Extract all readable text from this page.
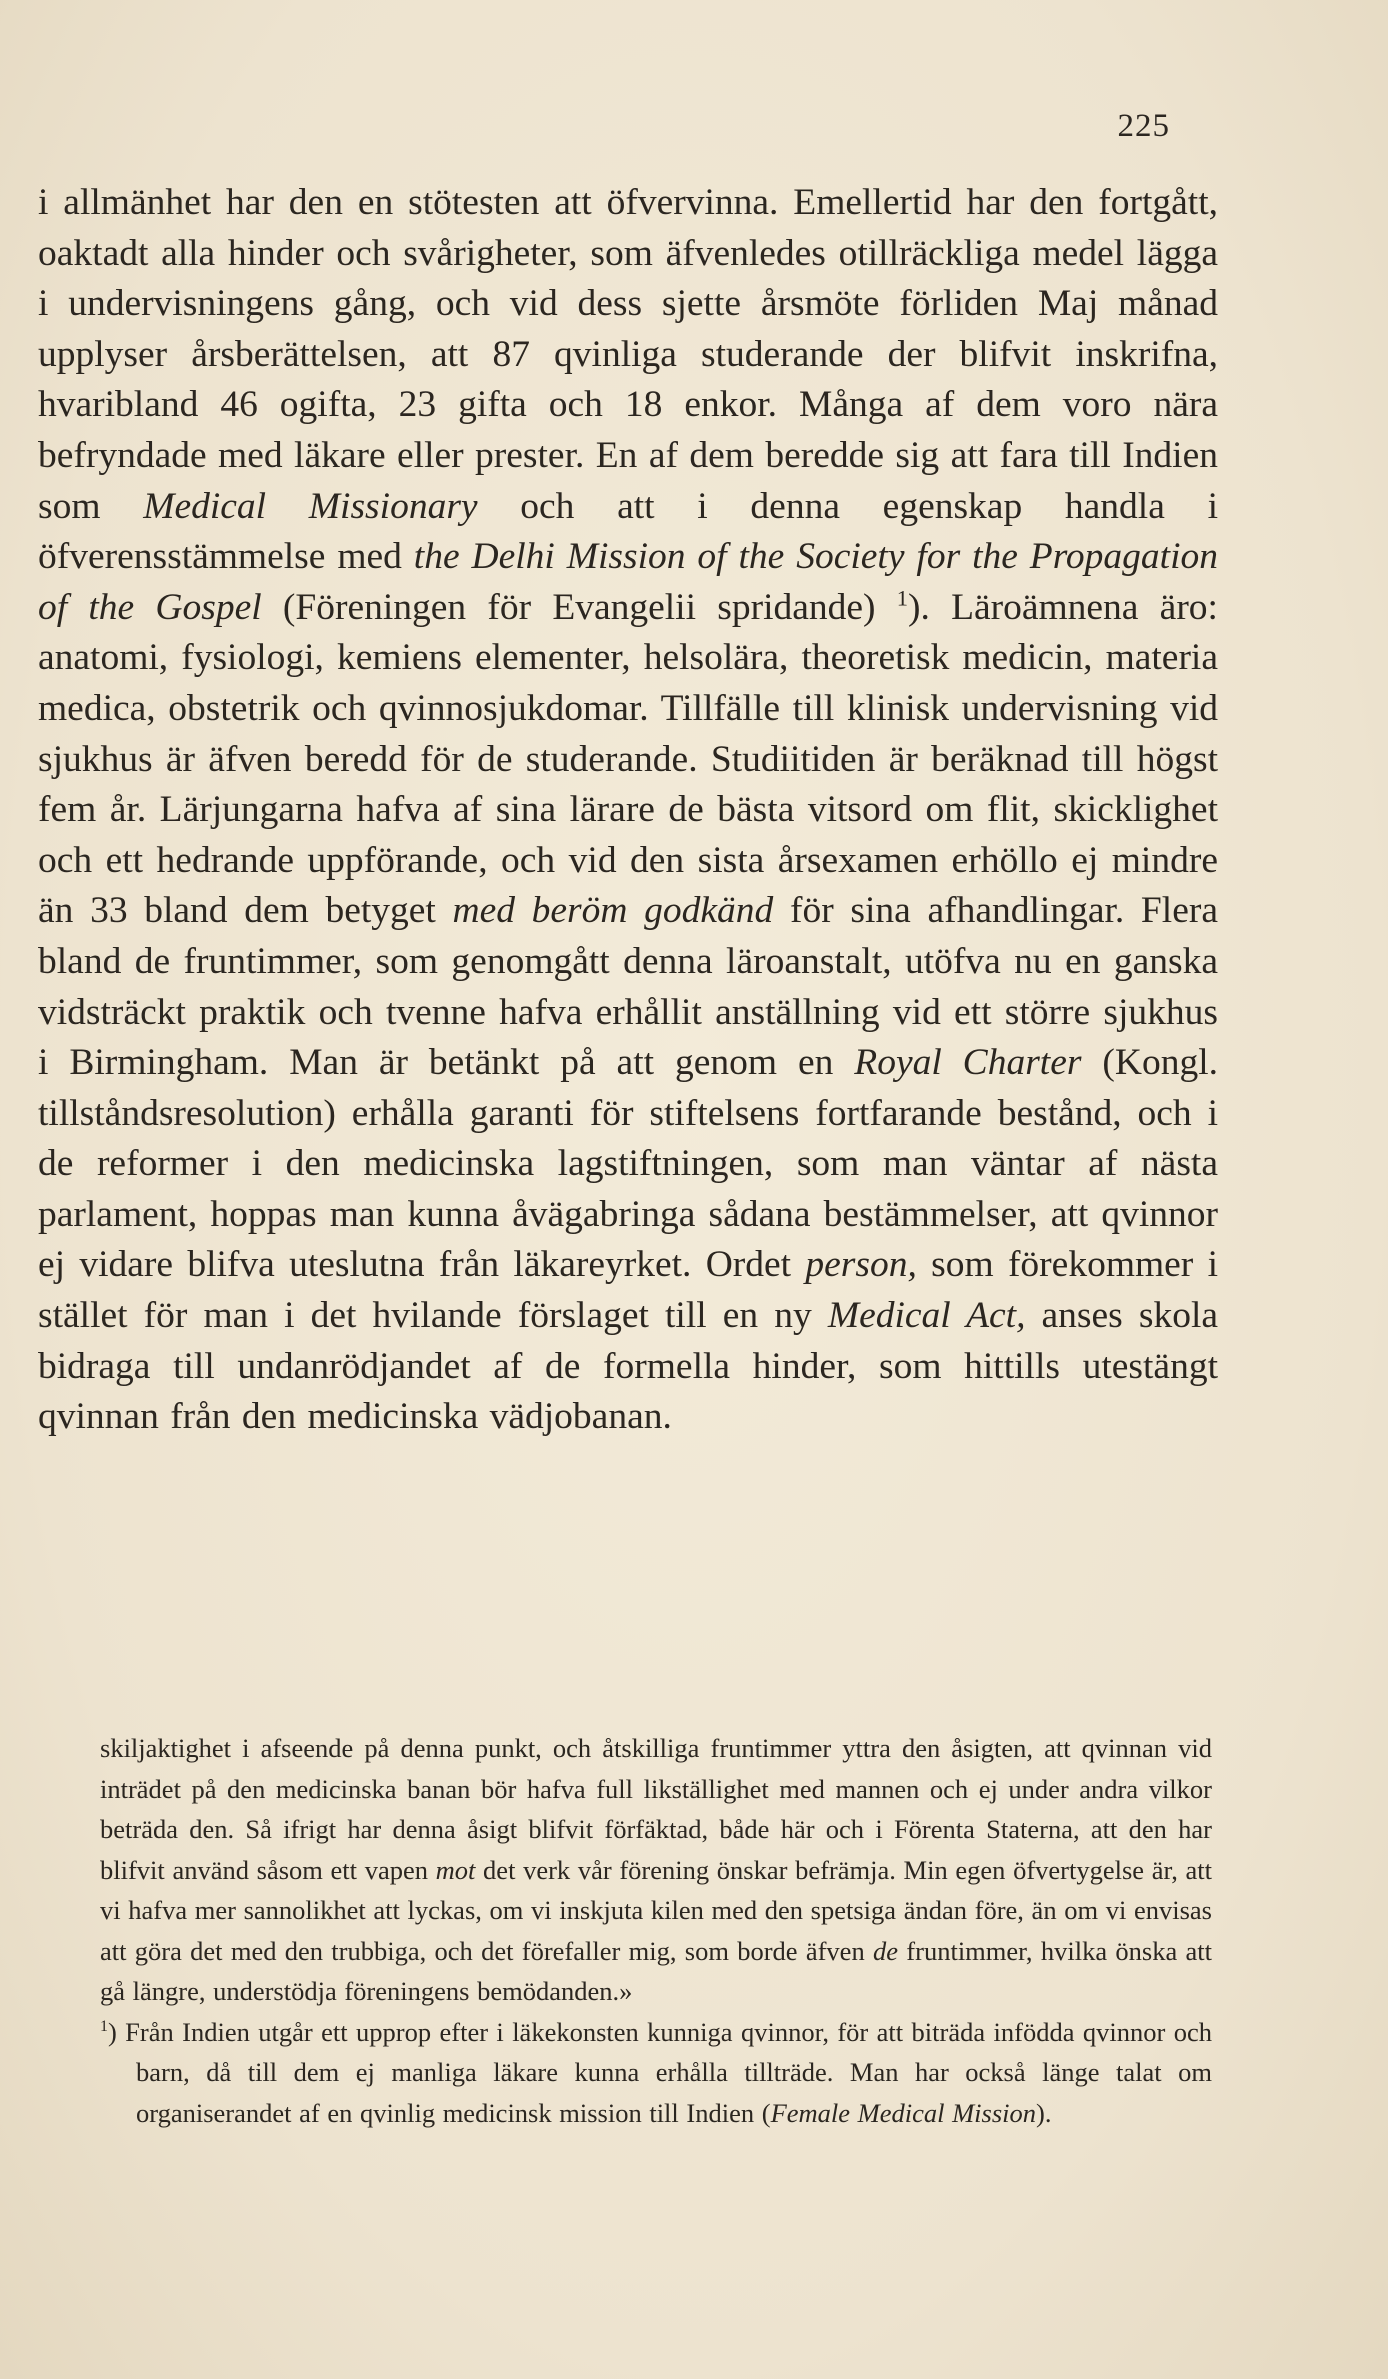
225

i allmänhet har den en stötesten att öfvervinna. Emellertid har den fortgått, oaktadt alla hinder och svårigheter, som äfvenledes otillräckliga medel lägga i undervisningens gång, och vid dess sjette årsmöte förliden Maj månad upplyser årsberättelsen, att 87 qvinliga studerande der blifvit inskrifna, hvaribland 46 ogifta, 23 gifta och 18 enkor. Många af dem voro nära befryndade med läkare eller prester. En af dem beredde sig att fara till Indien som Medical Missionary och att i denna egenskap handla i öfverensstämmelse med the Delhi Mission of the Society for the Propagation of the Gospel (Föreningen för Evangelii spridande) $^1$). Läroämnena äro: anatomi, fysiologi, kemiens elementer, helsolära, theoretisk medicin, materia medica, obstetrik och qvinnosjukdomar. Tillfälle till klinisk undervisning vid sjukhus är äfven beredd för de studerande. Studiitiden är beräknad till högst fem år. Lärjungarna hafva af sina lärare de bästa vitsord om flit, skicklighet och ett hedrande uppförande, och vid den sista årsexamen erhöllo ej mindre än 33 bland dem betyget med beröm godkänd för sina afhandlingar. Flera bland de fruntimmer, som genomgått denna läroanstalt, utöfva nu en ganska vidsträckt praktik och tvenne hafva erhållit anställning vid ett större sjukhus i Birmingham. Man är betänkt på att genom en Royal Charter (Kongl. tillståndsresolution) erhålla garanti för stiftelsens fortfarande bestånd, och i de reformer i den medicinska lagstiftningen, som man väntar af nästa parlament, hoppas man kunna åvägabringa sådana bestämmelser, att qvinnor ej vidare blifva uteslutna från läkareyrket. Ordet person, som förekommer i stället för man i det hvilande förslaget till en ny Medical Act, anses skola bidraga till undanrödjandet af de formella hinder, som hittills utestängt qvinnan från den medicinska vädjobanan.

skiljaktighet i afseende på denna punkt, och åtskilliga fruntimmer yttra den åsigten, att qvinnan vid inträdet på den medicinska banan bör hafva full likställighet med mannen och ej under andra vilkor beträda den. Så ifrigt har denna åsigt blifvit förfäktad, både här och i Förenta Staterna, att den har blifvit använd såsom ett vapen mot det verk vår förening önskar befrämja. Min egen öfvertygelse är, att vi hafva mer sannolikhet att lyckas, om vi inskjuta kilen med den spetsiga ändan före, än om vi envisas att göra det med den trubbiga, och det förefaller mig, som borde äfven de fruntimmer, hvilka önska att gå längre, understödja föreningens bemödanden.»

$^1$) Från Indien utgår ett upprop efter i läkekonsten kunniga qvinnor, för att biträda infödda qvinnor och barn, då till dem ej manliga läkare kunna erhålla tillträde. Man har också länge talat om organiserandet af en qvinlig medicinsk mission till Indien (Female Medical Mission).
